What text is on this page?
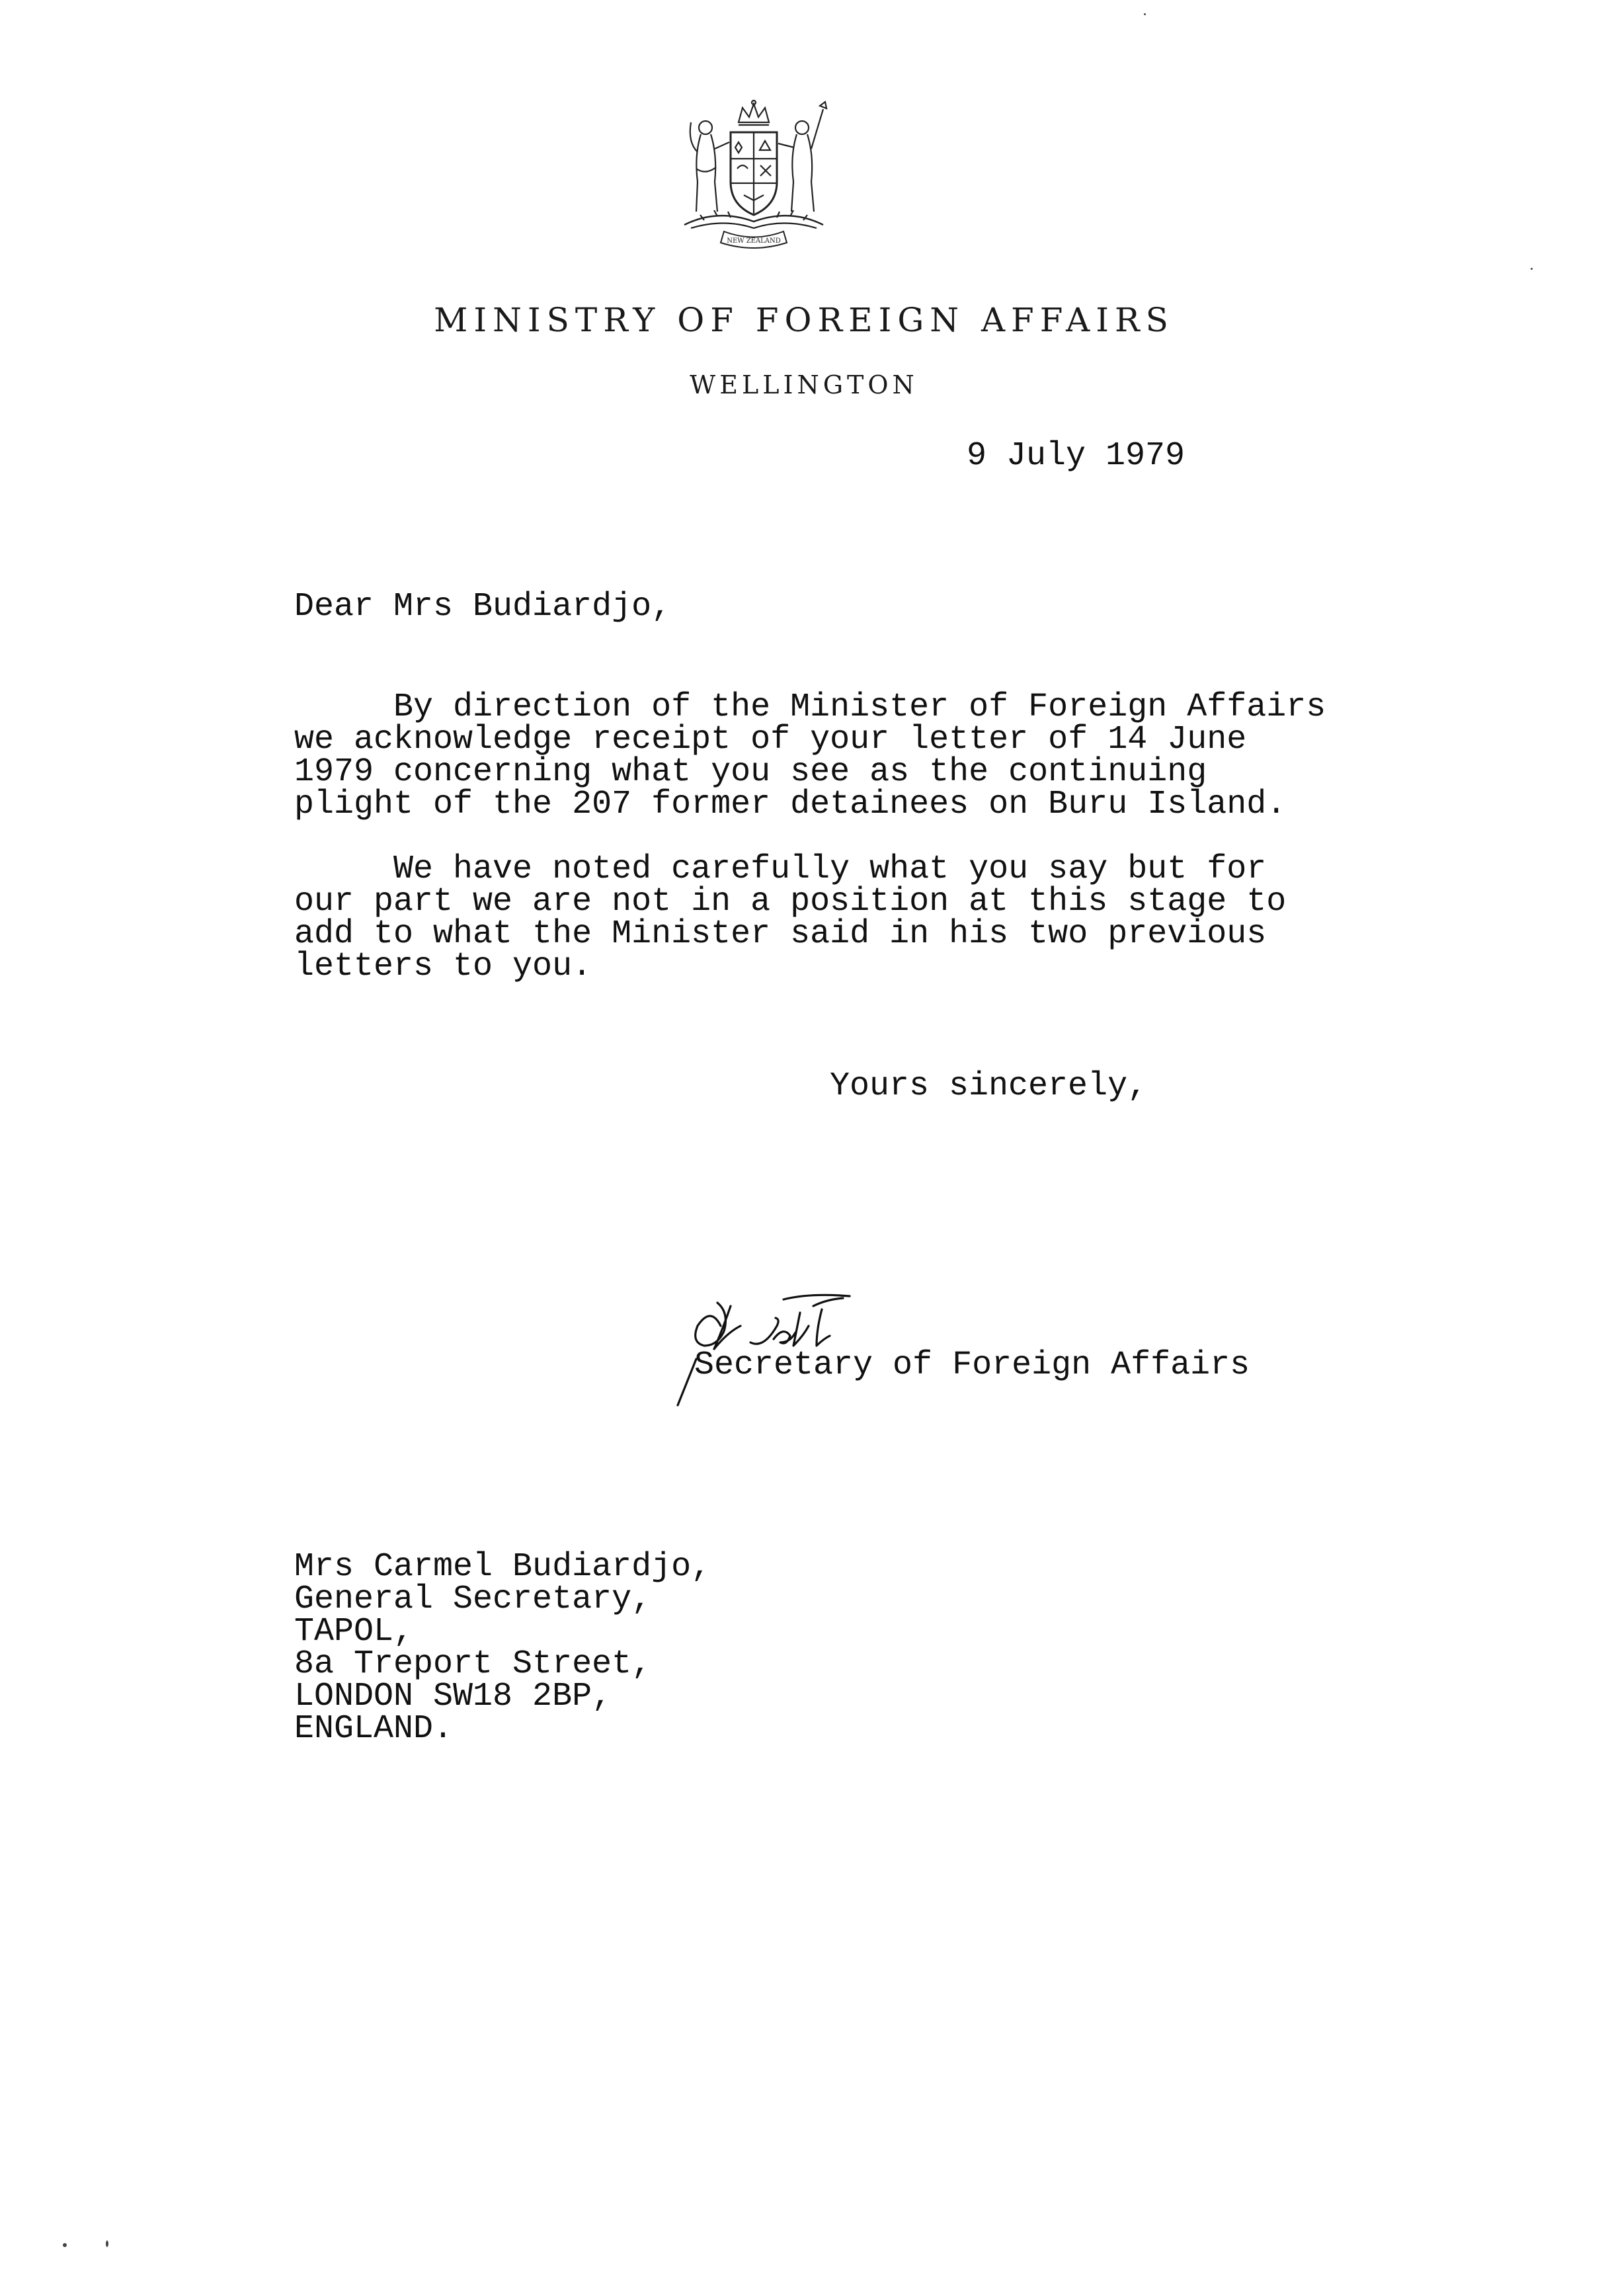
NEW ZEALAND
MINISTRY OF FOREIGN AFFAIRS
WELLINGTON
9 July 1979
Dear Mrs Budiardjo,
By direction of the Minister of Foreign Affairs
we acknowledge receipt of your letter of 14 June
1979 concerning what you see as the continuing
plight of the 207 former detainees on Buru Island.
We have noted carefully what you say but for
our part we are not in a position at this stage to
add to what the Minister said in his two previous
letters to you.
Yours sincerely,
Secretary of Foreign Affairs
Mrs Carmel Budiardjo,
General Secretary,
TAPOL,
8a Treport Street,
LONDON SW18 2BP,
ENGLAND.
